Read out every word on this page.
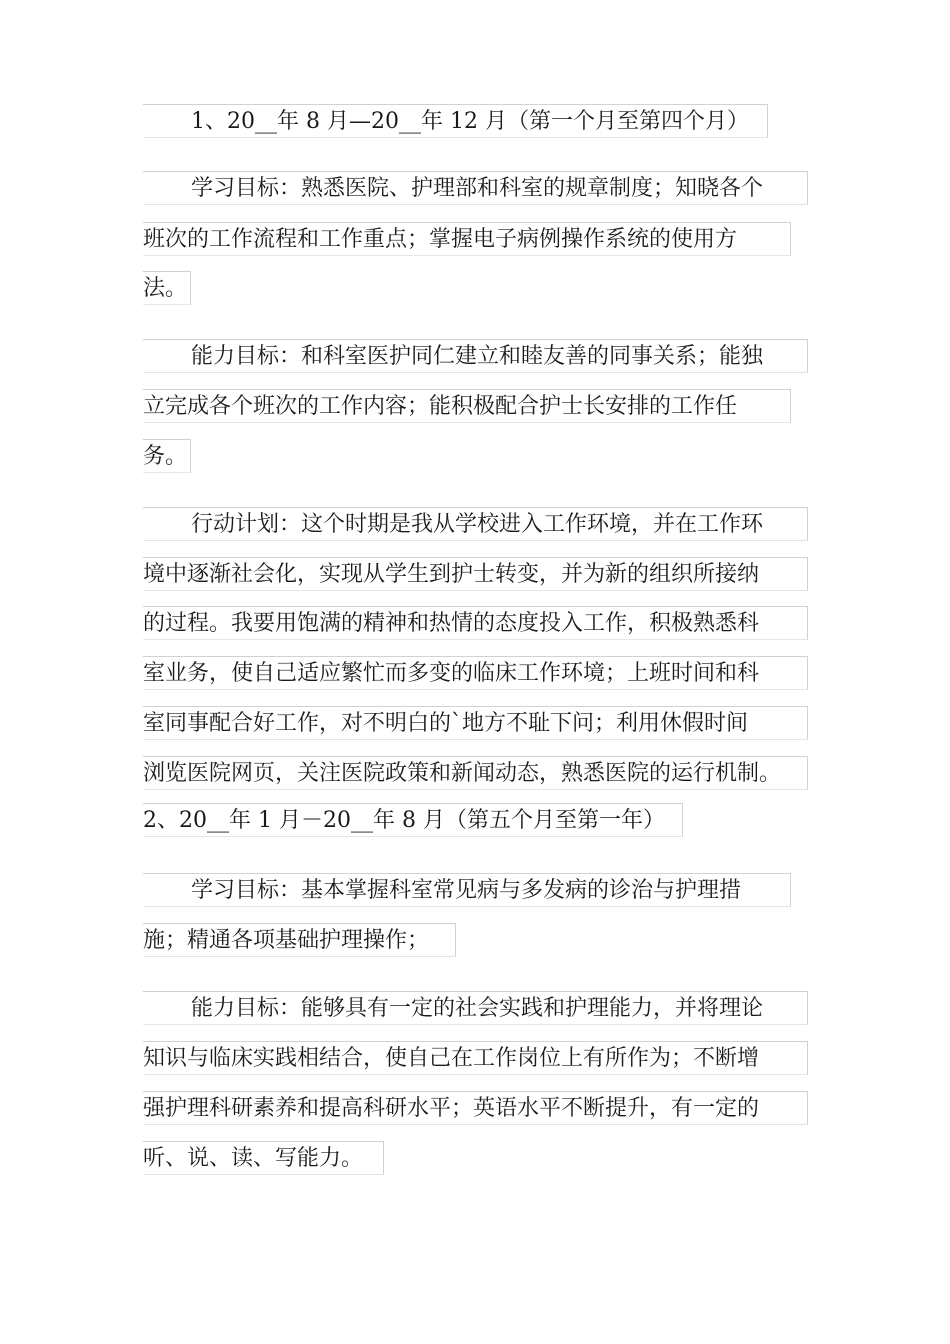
1、20__年 8 月—20__年 12 月（第一个月至第四个月）
学习目标：熟悉医院、护理部和科室的规章制度；知晓各个
班次的工作流程和工作重点；掌握电子病例操作系统的使用方
法。
能力目标：和科室医护同仁建立和睦友善的同事关系；能独
立完成各个班次的工作内容；能积极配合护士长安排的工作任
务。
行动计划：这个时期是我从学校进入工作环境，并在工作环
境中逐渐社会化，实现从学生到护士转变，并为新的组织所接纳
的过程。我要用饱满的精神和热情的态度投入工作，积极熟悉科
室业务，使自己适应繁忙而多变的临床工作环境；上班时间和科
室同事配合好工作，对不明白的`地方不耻下问；利用休假时间
浏览医院网页，关注医院政策和新闻动态，熟悉医院的运行机制。
2、20__年 1 月－20__年 8 月（第五个月至第一年）
学习目标：基本掌握科室常见病与多发病的诊治与护理措
施；精通各项基础护理操作；
能力目标：能够具有一定的社会实践和护理能力，并将理论
知识与临床实践相结合，使自己在工作岗位上有所作为；不断增
强护理科研素养和提高科研水平；英语水平不断提升，有一定的
听、说、读、写能力。
